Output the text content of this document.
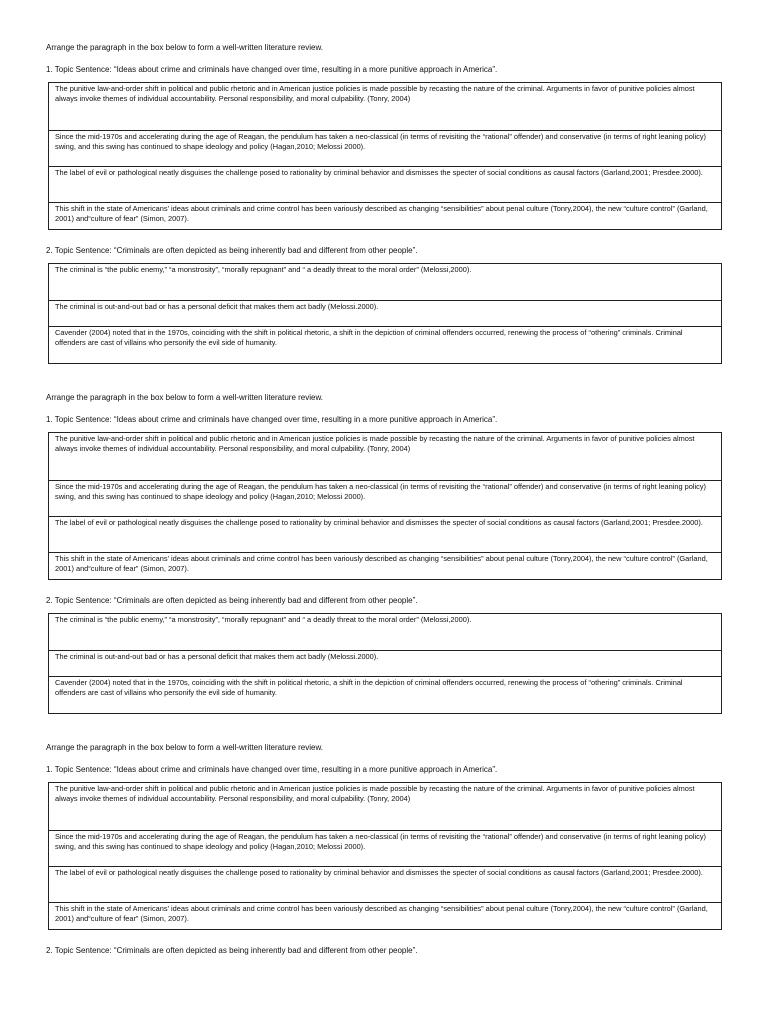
Arrange the paragraph in the box below to form a well-written literature review.
1. Topic Sentence: “Ideas about crime and criminals have changed over time, resulting in a more punitive approach in America”.
The punitive law-and-order shift in political and public rhetoric and in American justice policies is made possible by recasting the nature of the criminal. Arguments in favor of punitive policies almost always invoke themes of individual accountability. Personal responsibility, and moral culpability. (Tonry, 2004)
Since the mid-1970s and accelerating during the age of Reagan, the pendulum has taken a neo-classical (in terms of revisiting the “rational” offender) and conservative (in terms of right leaning policy) swing, and this swing has continued to shape ideology and policy (Hagan,2010; Melossi 2000).
The label of evil or pathological neatly disguises the challenge posed to rationality by criminal behavior and dismisses the specter of social conditions as causal factors (Garland,2001; Presdee.2000).
This shift in the state of Americans’ ideas about criminals and crime control has been variously described as changing “sensibilities” about penal culture (Tonry,2004), the new “culture control” (Garland, 2001) and“culture of fear” (Simon, 2007).
2. Topic Sentence: “Criminals are often depicted as being inherently bad and different from other people”.
The criminal is “the public enemy,” “a monstrosity”, “morally repugnant” and “ a deadly threat to the moral order” (Melossi,2000).
The criminal is out-and-out bad or has a personal deficit that makes them act badly (Melossi.2000).
Cavender (2004) noted that in the 1970s, coinciding with the shift in political rhetoric, a shift in the depiction of criminal offenders occurred, renewing the process of “othering” criminals. Criminal offenders are cast of villains who personify the evil side of humanity.
Arrange the paragraph in the box below to form a well-written literature review.
1. Topic Sentence: “Ideas about crime and criminals have changed over time, resulting in a more punitive approach in America”.
The punitive law-and-order shift in political and public rhetoric and in American justice policies is made possible by recasting the nature of the criminal. Arguments in favor of punitive policies almost always invoke themes of individual accountability. Personal responsibility, and moral culpability. (Tonry, 2004)
Since the mid-1970s and accelerating during the age of Reagan, the pendulum has taken a neo-classical (in terms of revisiting the “rational” offender) and conservative (in terms of right leaning policy) swing, and this swing has continued to shape ideology and policy (Hagan,2010; Melossi 2000).
The label of evil or pathological neatly disguises the challenge posed to rationality by criminal behavior and dismisses the specter of social conditions as causal factors (Garland,2001; Presdee.2000).
This shift in the state of Americans’ ideas about criminals and crime control has been variously described as changing “sensibilities” about penal culture (Tonry,2004), the new “culture control” (Garland, 2001) and“culture of fear” (Simon, 2007).
2. Topic Sentence: “Criminals are often depicted as being inherently bad and different from other people”.
The criminal is “the public enemy,” “a monstrosity”, “morally repugnant” and “ a deadly threat to the moral order” (Melossi,2000).
The criminal is out-and-out bad or has a personal deficit that makes them act badly (Melossi.2000).
Cavender (2004) noted that in the 1970s, coinciding with the shift in political rhetoric, a shift in the depiction of criminal offenders occurred, renewing the process of “othering” criminals. Criminal offenders are cast of villains who personify the evil side of humanity.
Arrange the paragraph in the box below to form a well-written literature review.
1. Topic Sentence: “Ideas about crime and criminals have changed over time, resulting in a more punitive approach in America”.
The punitive law-and-order shift in political and public rhetoric and in American justice policies is made possible by recasting the nature of the criminal. Arguments in favor of punitive policies almost always invoke themes of individual accountability. Personal responsibility, and moral culpability. (Tonry, 2004)
Since the mid-1970s and accelerating during the age of Reagan, the pendulum has taken a neo-classical (in terms of revisiting the “rational” offender) and conservative (in terms of right leaning policy) swing, and this swing has continued to shape ideology and policy (Hagan,2010; Melossi 2000).
The label of evil or pathological neatly disguises the challenge posed to rationality by criminal behavior and dismisses the specter of social conditions as causal factors (Garland,2001; Presdee.2000).
This shift in the state of Americans’ ideas about criminals and crime control has been variously described as changing “sensibilities” about penal culture (Tonry,2004), the new “culture control” (Garland, 2001) and“culture of fear” (Simon, 2007).
2. Topic Sentence: “Criminals are often depicted as being inherently bad and different from other people”.
